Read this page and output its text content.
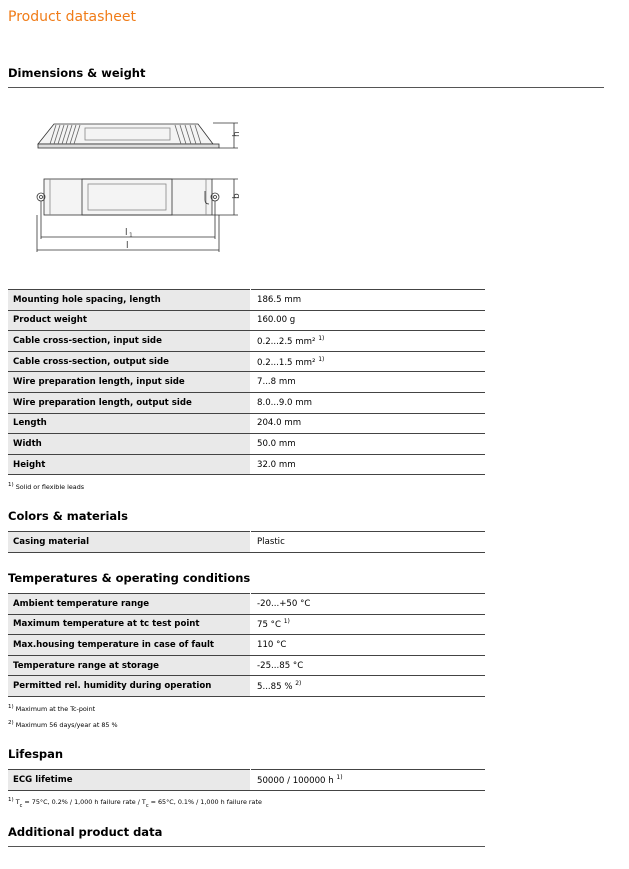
Product datasheet
Dimensions & weight
h
b
l 1
l
Mounting hole spacing, length	186.5 mm
Product weight	160.00 g
Cable cross-section, input side	0.2...2.5 mm² $^{1)}$
Cable cross-section, output side	0.2...1.5 mm² $^{1)}$
Wire preparation length, input side	7...8 mm
Wire preparation length, output side	8.0...9.0 mm
Length	204.0 mm
Width	50.0 mm
Height	32.0 mm
$^{1)}$ Solid or flexible leads
Colors & materials
Casing material	Plastic
Temperatures & operating conditions
Ambient temperature range	-20...+50 °C
Maximum temperature at tc test point	75 °C $^{1)}$
Max.housing temperature in case of fault	110 °C
Temperature range at storage	-25...85 °C
Permitted rel. humidity during operation	5...85 % $^{2)}$
$^{1)}$ Maximum at the Tc-point
$^{2)}$ Maximum 56 days/year at 85 %
Lifespan
ECG lifetime	50000 / 100000 h $^{1)}$
$^{1)}$ $T_c = 75^\circ C$, 0.2% / 1,000 h failure rate / $T_c = 65^\circ C$, 0.1% / 1,000 h failure rate
Additional product data
